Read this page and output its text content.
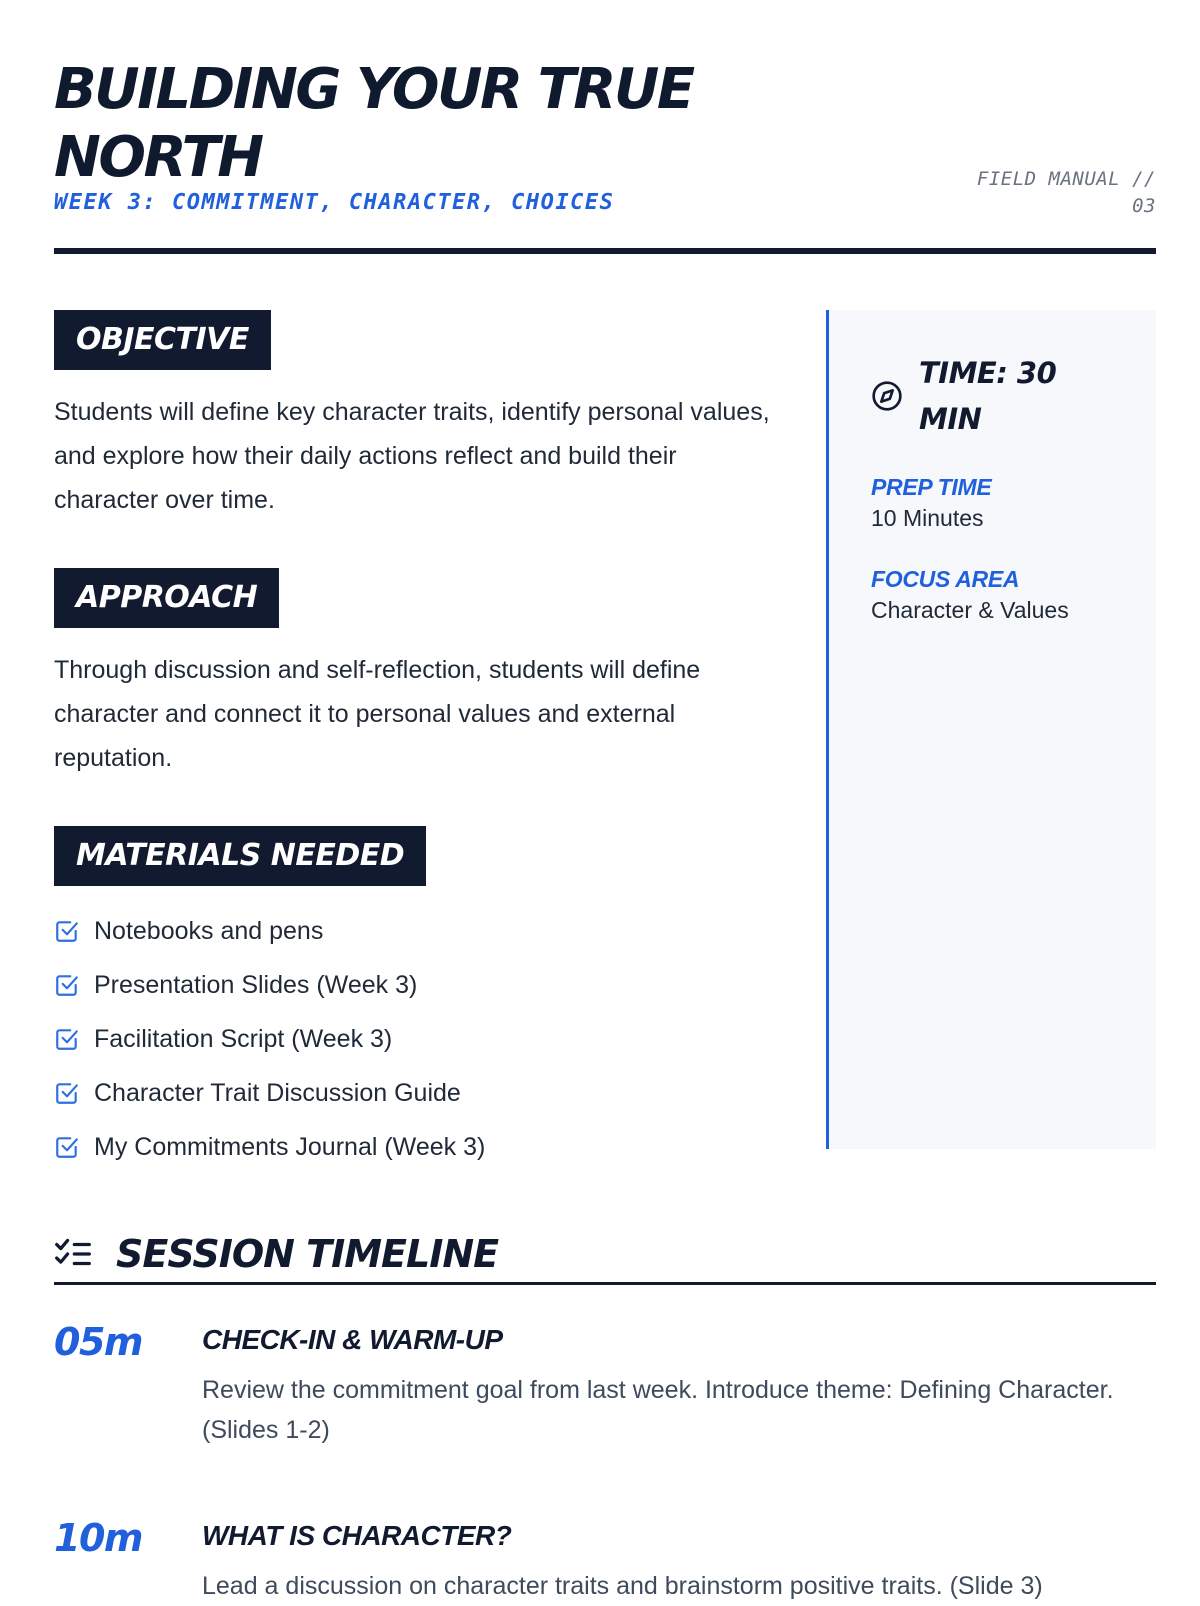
BUILDING YOUR TRUE NORTH
WEEK 3: COMMITMENT, CHARACTER, CHOICES
FIELD MANUAL //
03
OBJECTIVE

Students will define key character traits, identify personal values, and explore how their daily actions reflect and build their character over time.

APPROACH

Through discussion and self-reflection, students will define character and connect it to personal values and external reputation.

MATERIALS NEEDED
Notebooks and pens
Presentation Slides (Week 3)
Facilitation Script (Week 3)
Character Trait Discussion Guide
My Commitments Journal (Week 3)
TIME: 30
MIN
PREP TIME
10 Minutes
FOCUS AREA
Character & Values
SESSION TIMELINE
05m	CHECK-IN & WARM-UP
Review the commitment goal from last week. Introduce theme: Defining Character. (Slides 1-2)
10m	WHAT IS CHARACTER?
Lead a discussion on character traits and brainstorm positive traits. (Slide 3)
